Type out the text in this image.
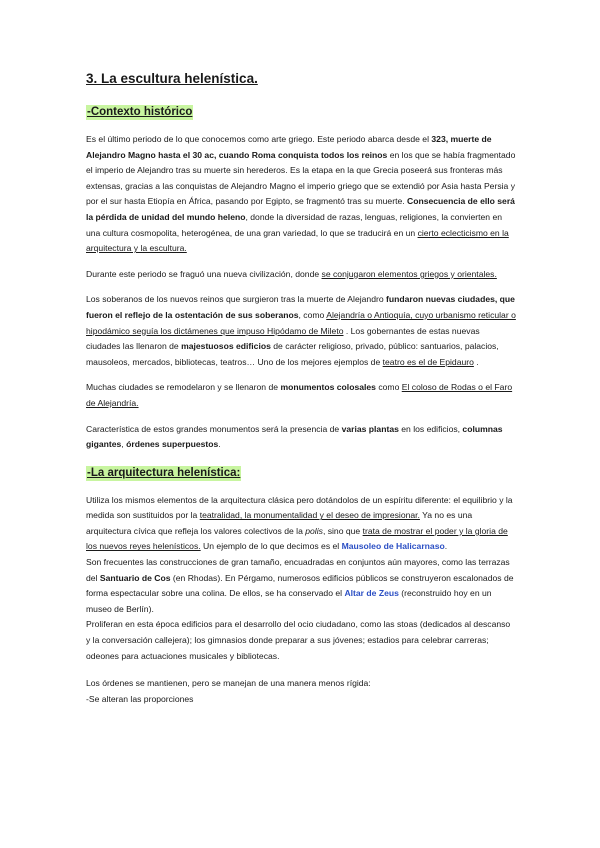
3. La escultura helenística.
-Contexto histórico

Es el último periodo de lo que conocemos como arte griego. Este periodo abarca desde el 323, muerte de Alejandro Magno hasta el 30 ac, cuando Roma conquista todos los reinos en los que se había fragmentado el imperio de Alejandro tras su muerte sin herederos. Es la etapa en la que Grecia poseerá sus fronteras más extensas, gracias a las conquistas de Alejandro Magno el imperio griego que se extendió por Asia hasta Persia y por el sur hasta Etiopía en África, pasando por Egipto, se fragmentó tras su muerte. Consecuencia de ello será la pérdida de unidad del mundo heleno, donde la diversidad de razas, lenguas, religiones, la convierten en una cultura cosmopolita, heterogénea, de una gran variedad, lo que se traducirá en un cierto eclecticismo en la arquitectura y la escultura.

Durante este periodo se fraguó una nueva civilización, donde se conjugaron elementos griegos y orientales.

Los soberanos de los nuevos reinos que surgieron tras la muerte de Alejandro fundaron nuevas ciudades, que fueron el reflejo de la ostentación de sus soberanos, como Alejandría o Antioquía, cuyo urbanismo reticular o hipodámico seguía los dictámenes que impuso Hipódamo de Mileto . Los gobernantes de estas nuevas ciudades las llenaron de majestuosos edificios de carácter religioso, privado, público: santuarios, palacios, mausoleos, mercados, bibliotecas, teatros… Uno de los mejores ejemplos de teatro es el de Epidauro .

Muchas ciudades se remodelaron y se llenaron de monumentos colosales como El coloso de Rodas o el Faro de Alejandría.

Característica de estos grandes monumentos será la presencia de varias plantas en los edificios, columnas gigantes, órdenes superpuestos.

-La arquitectura helenística:

Utiliza los mismos elementos de la arquitectura clásica pero dotándolos de un espíritu diferente: el equilibrio y la medida son sustituidos por la teatralidad, la monumentalidad y el deseo de impresionar. Ya no es una arquitectura cívica que refleja los valores colectivos de la polis, sino que trata de mostrar el poder y la gloria de los nuevos reyes helenísticos. Un ejemplo de lo que decimos es el Mausoleo de Halicarnaso.

Son frecuentes las construcciones de gran tamaño, encuadradas en conjuntos aún mayores, como las terrazas del Santuario de Cos (en Rhodas). En Pérgamo, numerosos edificios públicos se construyeron escalonados de forma espectacular sobre una colina. De ellos, se ha conservado el Altar de Zeus (reconstruido hoy en un museo de Berlín).

Proliferan en esta época edificios para el desarrollo del ocio ciudadano, como las stoas (dedicados al descanso y la conversación callejera); los gimnasios donde preparar a sus jóvenes; estadios para celebrar carreras; odeones para actuaciones musicales y bibliotecas.

Los órdenes se mantienen, pero se manejan de una manera menos rígida:

-Se alteran las proporciones
